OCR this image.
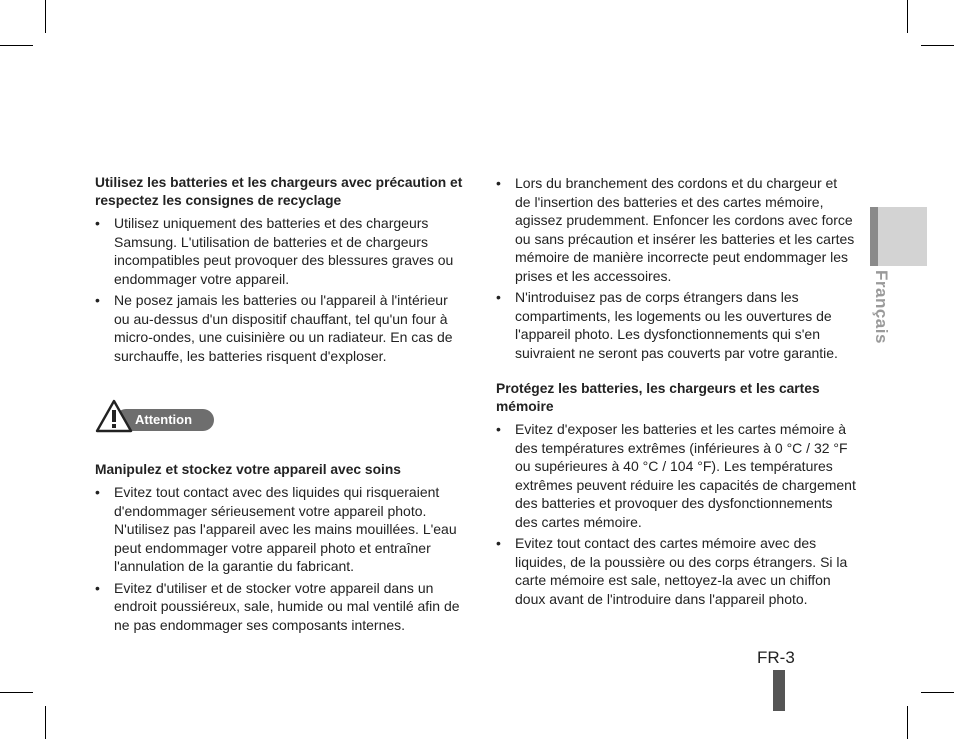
Utilisez les batteries et les chargeurs avec précaution et respectez les consignes de recyclage

• Utilisez uniquement des batteries et des chargeurs Samsung. L'utilisation de batteries et de chargeurs incompatibles peut provoquer des blessures graves ou endommager votre appareil.
• Ne posez jamais les batteries ou l'appareil à l'intérieur ou au-dessus d'un dispositif chauffant, tel qu'un four à micro-ondes, une cuisinière ou un radiateur. En cas de surchauffe, les batteries risquent d'exploser.
Attention

Manipulez et stockez votre appareil avec soins

• Evitez tout contact avec des liquides qui risqueraient d'endommager sérieusement votre appareil photo. N'utilisez pas l'appareil avec les mains mouillées. L'eau peut endommager votre appareil photo et entraîner l'annulation de la garantie du fabricant.
• Evitez d'utiliser et de stocker votre appareil dans un endroit poussiéreux, sale, humide ou mal ventilé afin de ne pas endommager ses composants internes.
• Lors du branchement des cordons et du chargeur et de l'insertion des batteries et des cartes mémoire, agissez prudemment. Enfoncer les cordons avec force ou sans précaution et insérer les batteries et les cartes mémoire de manière incorrecte peut endommager les prises et les accessoires.
• N'introduisez pas de corps étrangers dans les compartiments, les logements ou les ouvertures de l'appareil photo. Les dysfonctionnements qui s'en suivraient ne seront pas couverts par votre garantie.

Protégez les batteries, les chargeurs et les cartes mémoire

• Evitez d'exposer les batteries et les cartes mémoire à des températures extrêmes (inférieures à 0 °C / 32 °F ou supérieures à 40 °C / 104 °F). Les températures extrêmes peuvent réduire les capacités de chargement des batteries et provoquer des dysfonctionnements des cartes mémoire.
• Evitez tout contact des cartes mémoire avec des liquides, de la poussière ou des corps étrangers. Si la carte mémoire est sale, nettoyez-la avec un chiffon doux avant de l'introduire dans l'appareil photo.
Français
FR-3
